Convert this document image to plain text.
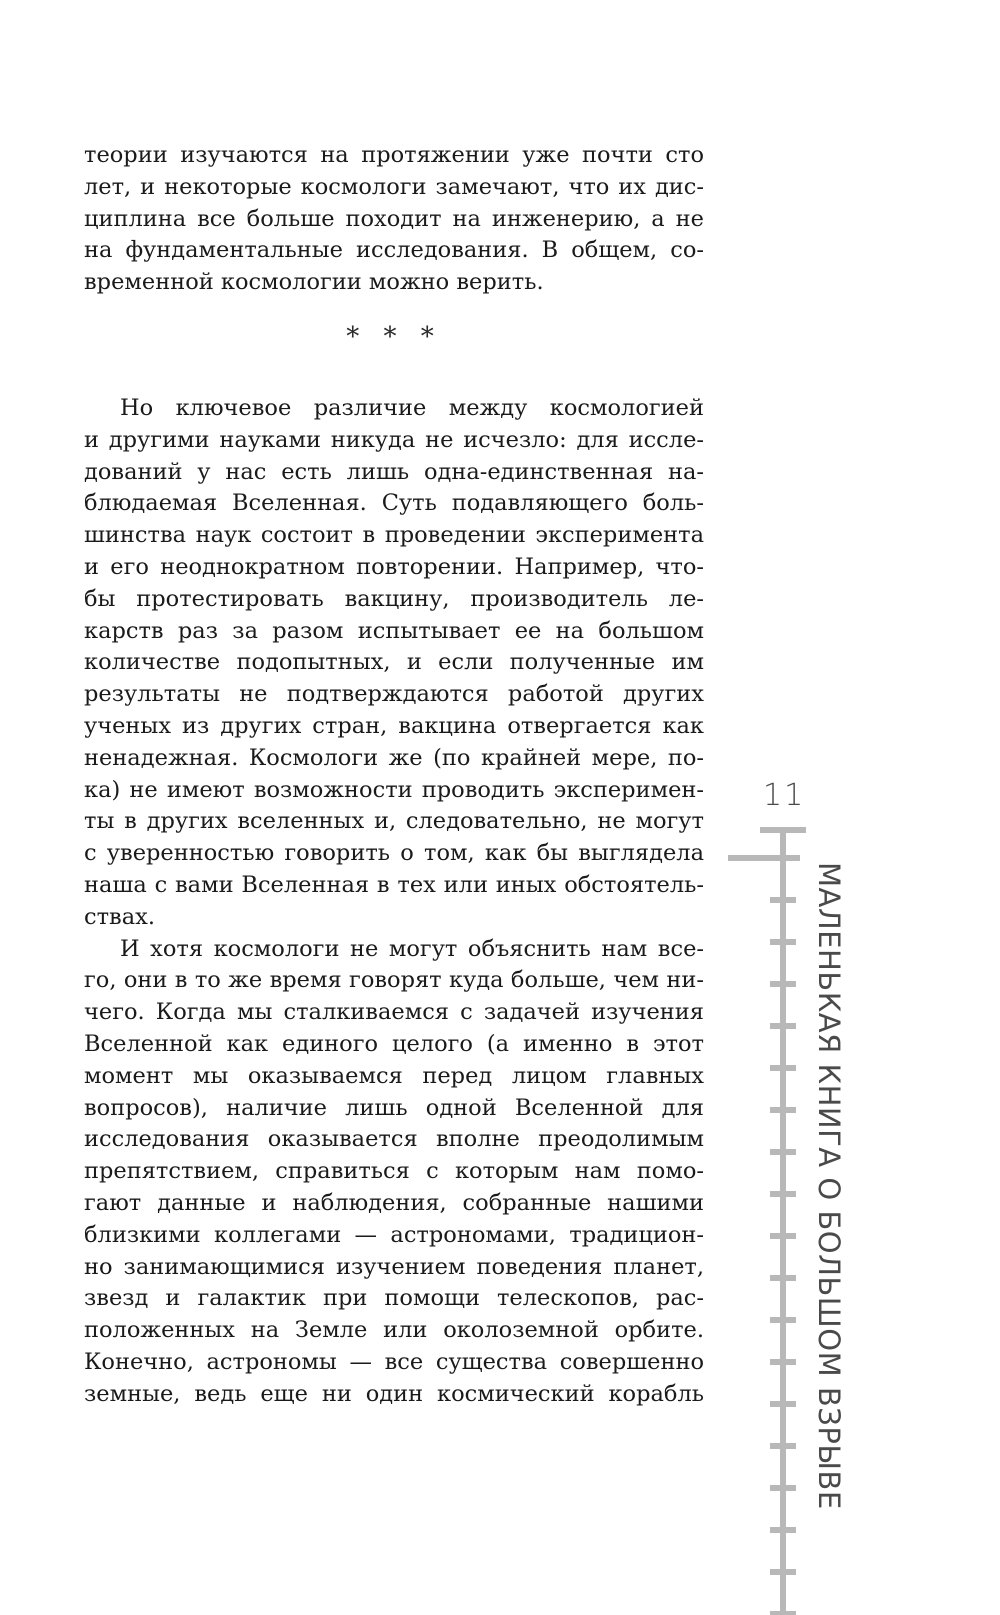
теории изучаются на протяжении уже почти сто
лет, и некоторые космологи замечают, что их дис-
циплина все больше походит на инженерию, а не
на фундаментальные исследования. В общем, со-
временной космологии можно верить.
* * *
Но ключевое различие между космологией
и другими науками никуда не исчезло: для иссле-
дований у нас есть лишь одна-единственная на-
блюдаемая Вселенная. Суть подавляющего боль-
шинства наук состоит в проведении эксперимента
и его неоднократном повторении. Например, что-
бы протестировать вакцину, производитель ле-
карств раз за разом испытывает ее на большом
количестве подопытных, и если полученные им
результаты не подтверждаются работой других
ученых из других стран, вакцина отвергается как
ненадежная. Космологи же (по крайней мере, по-
ка) не имеют возможности проводить эксперимен-
ты в других вселенных и, следовательно, не могут
с уверенностью говорить о том, как бы выглядела
наша с вами Вселенная в тех или иных обстоятель-
ствах.
И хотя космологи не могут объяснить нам все-
го, они в то же время говорят куда больше, чем ни-
чего. Когда мы сталкиваемся с задачей изучения
Вселенной как единого целого (а именно в этот
момент мы оказываемся перед лицом главных
вопросов), наличие лишь одной Вселенной для
исследования оказывается вполне преодолимым
препятствием, справиться с которым нам помо-
гают данные и наблюдения, собранные нашими
близкими коллегами — астрономами, традицион-
но занимающимися изучением поведения планет,
звезд и галактик при помощи телескопов, рас-
положенных на Земле или околоземной орбите.
Конечно, астрономы — все существа совершенно
земные, ведь еще ни один космический корабль
11
МАЛЕНЬКАЯ КНИГА О БОЛЬШОМ ВЗРЫВЕ
